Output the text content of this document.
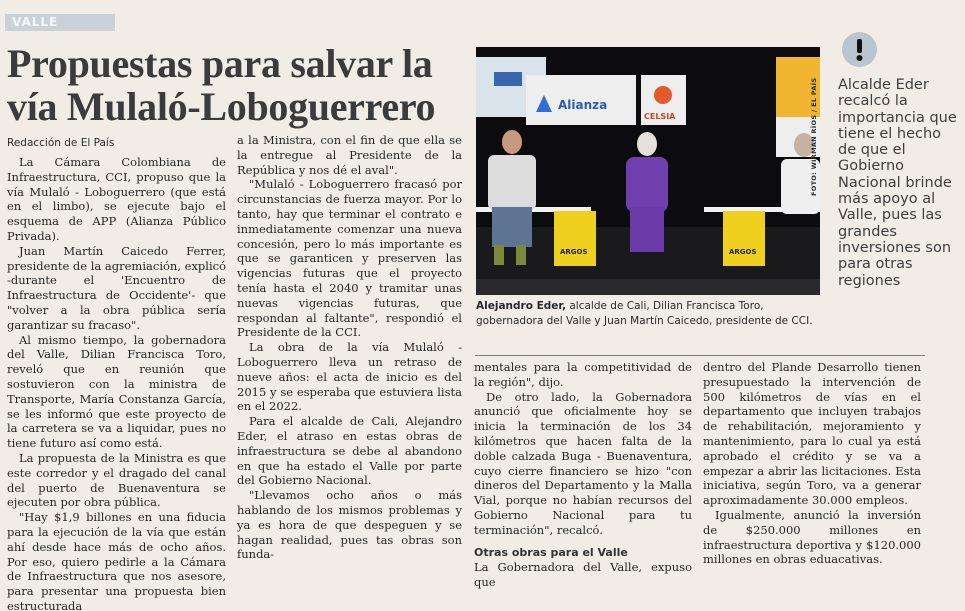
VALLE
Propuestas para salvar la vía Mulaló-Loboguerrero
Redacción de El País

La Cámara Colombiana de Infraestructura, CCI, propuso que la vía Mulaló - Loboguerrero (que está en el limbo), se ejecute bajo el esquema de APP (Alianza Público Privada).

Juan Martín Caicedo Ferrer, presidente de la agremiación, explicó -durante el 'Encuentro de Infraestructura de Occidente'- que "volver a la obra pública sería garantizar su fracaso".

Al mismo tiempo, la gobernadora del Valle, Dilian Francisca Toro, reveló que en reunión que sostuvieron con la ministra de Transporte, María Constanza García, se les informó que este proyecto de la carretera se va a liquidar, pues no tiene futuro así como está.

La propuesta de la Ministra es que este corredor y el dragado del canal del puerto de Buenaventura se ejecuten por obra pública.

"Hay $1,9 billones en una fiducia para la ejecución de la vía que están ahí desde hace más de ocho años. Por eso, quiero pedirle a la Cámara de Infraestructura que nos asesore, para presentar una propuesta bien estructurada

a la Ministra, con el fin de que ella se la entregue al Presidente de la República y nos dé el aval".

"Mulaló - Loboguerrero fracasó por circunstancias de fuerza mayor. Por lo tanto, hay que terminar el contrato e inmediatamente comenzar una nueva concesión, pero lo más importante es que se garanticen y preserven las vigencias futuras que el proyecto tenía hasta el 2040 y tramitar unas nuevas vigencias futuras, que respondan al faltante", respondió el Presidente de la CCI.

La obra de la vía Mulaló - Loboguerrero lleva un retraso de nueve años: el acta de inicio es del 2015 y se esperaba que estuviera lista en el 2022.

Para el alcalde de Cali, Alejandro Eder, el atraso en estas obras de infraestructura se debe al abandono en que ha estado el Valle por parte del Gobierno Nacional.

"Llevamos ocho años o más hablando de los mismos problemas y ya es hora de que despeguen y se hagan realidad, pues tas obras son funda-

Alianza
CELSIA
ARGOS	ARGOS
FOTO: WIRMAN RÍOS / EL PAÍS
Alejandro Eder, alcalde de Cali, Dilian Francisca Toro, gobernadora del Valle y Juan Martín Caicedo, presidente de CCI.
Alcalde Eder recalcó la importancia que tiene el hecho de que el Gobierno Nacional brinde más apoyo al Valle, pues las grandes inversiones son para otras regiones

mentales para la competitividad de la región", dijo.

De otro lado, la Gobernadora anunció que oficialmente hoy se inicia la terminación de los 34 kilómetros que hacen falta de la doble calzada Buga - Buenaventura, cuyo cierre financiero se hizo "con dineros del Departamento y la Malla Vial, porque no habían recursos del Gobierno Nacional para tu terminación", recalcó.

Otras obras para el Valle

La Gobernadora del Valle, expuso que

dentro del Plande Desarrollo tienen presupuestado la intervención de 500 kilómetros de vías en el departamento que incluyen trabajos de rehabilitación, mejoramiento y mantenimiento, para lo cual ya está aprobado el crédito y se va a empezar a abrir las licitaciones. Esta iniciativa, según Toro, va a generar aproximadamente 30.000 empleos.

Igualmente, anunció la inversión de $250.000 millones en infraestructura deportiva y $120.000 millones en obras eduacativas.
